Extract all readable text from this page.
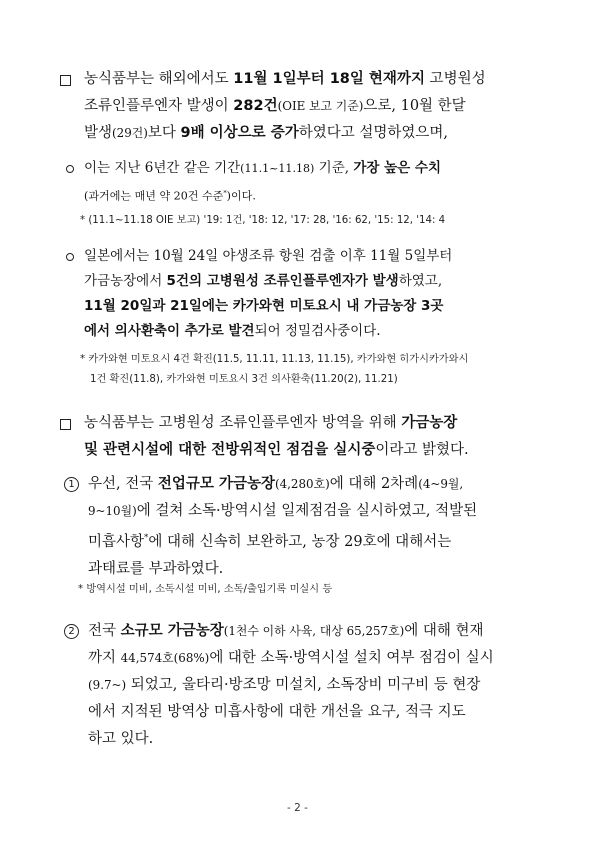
농식품부는 해외에서도 11월 1일부터 18일 현재까지 고병원성
조류인플루엔자 발생이 282건(OIE 보고 기준)으로, 10월 한달
발생(29건)보다 9배 이상으로 증가하였다고 설명하였으며,
이는 지난 6년간 같은 기간(11.1~11.18) 기준, 가장 높은 수치
(과거에는 매년 약 20건 수준*)이다.
* (11.1~11.18 OIE 보고) '19: 1건, '18: 12, '17: 28, '16: 62, '15: 12, '14: 4
일본에서는 10월 24일 야생조류 항원 검출 이후 11월 5일부터
가금농장에서 5건의 고병원성 조류인플루엔자가 발생하였고,
11월 20일과 21일에는 카가와현 미토요시 내 가금농장 3곳
에서 의사환축이 추가로 발견되어 정밀검사중이다.
* 카가와현 미토요시 4건 확진(11.5, 11.11, 11.13, 11.15), 카가와현 히가시카가와시
1건 확진(11.8), 카가와현 미토요시 3건 의사환축(11.20(2), 11.21)
농식품부는 고병원성 조류인플루엔자 방역을 위해 가금농장
및 관련시설에 대한 전방위적인 점검을 실시중이라고 밝혔다.
1 우선, 전국 전업규모 가금농장(4,280호)에 대해 2차례(4~9월,
9~10월)에 걸쳐 소독·방역시설 일제점검을 실시하였고, 적발된
미흡사항*에 대해 신속히 보완하고, 농장 29호에 대해서는
과태료를 부과하였다.
* 방역시설 미비, 소독시설 미비, 소독/출입기록 미실시 등
2 전국 소규모 가금농장(1천수 이하 사육, 대상 65,257호)에 대해 현재
까지 44,574호(68%)에 대한 소독·방역시설 설치 여부 점검이 실시
(9.7~) 되었고, 울타리·방조망 미설치, 소독장비 미구비 등 현장
에서 지적된 방역상 미흡사항에 대한 개선을 요구, 적극 지도
하고 있다.
- 2 -
